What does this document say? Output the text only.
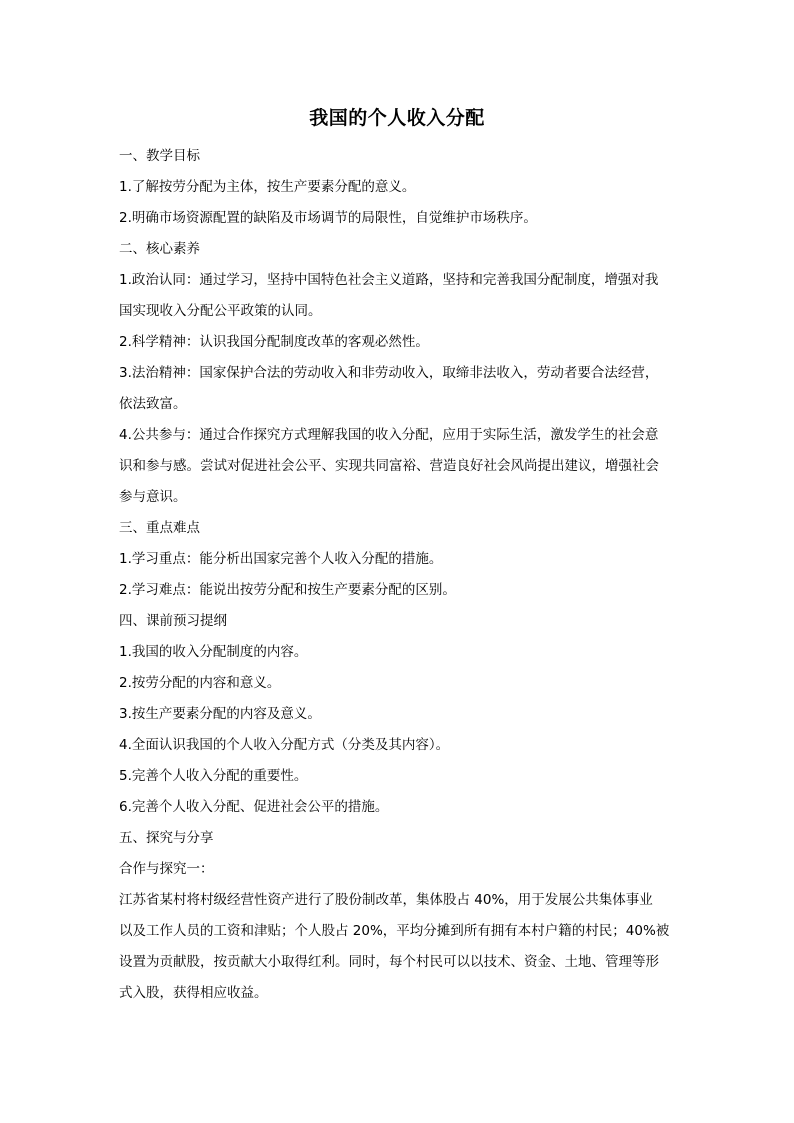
我国的个人收入分配
一、教学目标
1.了解按劳分配为主体，按生产要素分配的意义。
2.明确市场资源配置的缺陷及市场调节的局限性，自觉维护市场秩序。
二、核心素养
1.政治认同：通过学习，坚持中国特色社会主义道路，坚持和完善我国分配制度，增强对我
国实现收入分配公平政策的认同。
2.科学精神：认识我国分配制度改革的客观必然性。
3.法治精神：国家保护合法的劳动收入和非劳动收入，取缔非法收入，劳动者要合法经营，
依法致富。
4.公共参与：通过合作探究方式理解我国的收入分配，应用于实际生活，激发学生的社会意
识和参与感。尝试对促进社会公平、实现共同富裕、营造良好社会风尚提出建议，增强社会
参与意识。
三、重点难点
1.学习重点：能分析出国家完善个人收入分配的措施。
2.学习难点：能说出按劳分配和按生产要素分配的区别。
四、课前预习提纲
1.我国的收入分配制度的内容。
2.按劳分配的内容和意义。
3.按生产要素分配的内容及意义。
4.全面认识我国的个人收入分配方式（分类及其内容）。
5.完善个人收入分配的重要性。
6.完善个人收入分配、促进社会公平的措施。
五、探究与分享
合作与探究一：
江苏省某村将村级经营性资产进行了股份制改革，集体股占 40%，用于发展公共集体事业
以及工作人员的工资和津贴；个人股占 20%，平均分摊到所有拥有本村户籍的村民；40%被
设置为贡献股，按贡献大小取得红利。同时，每个村民可以以技术、资金、土地、管理等形
式入股，获得相应收益。
